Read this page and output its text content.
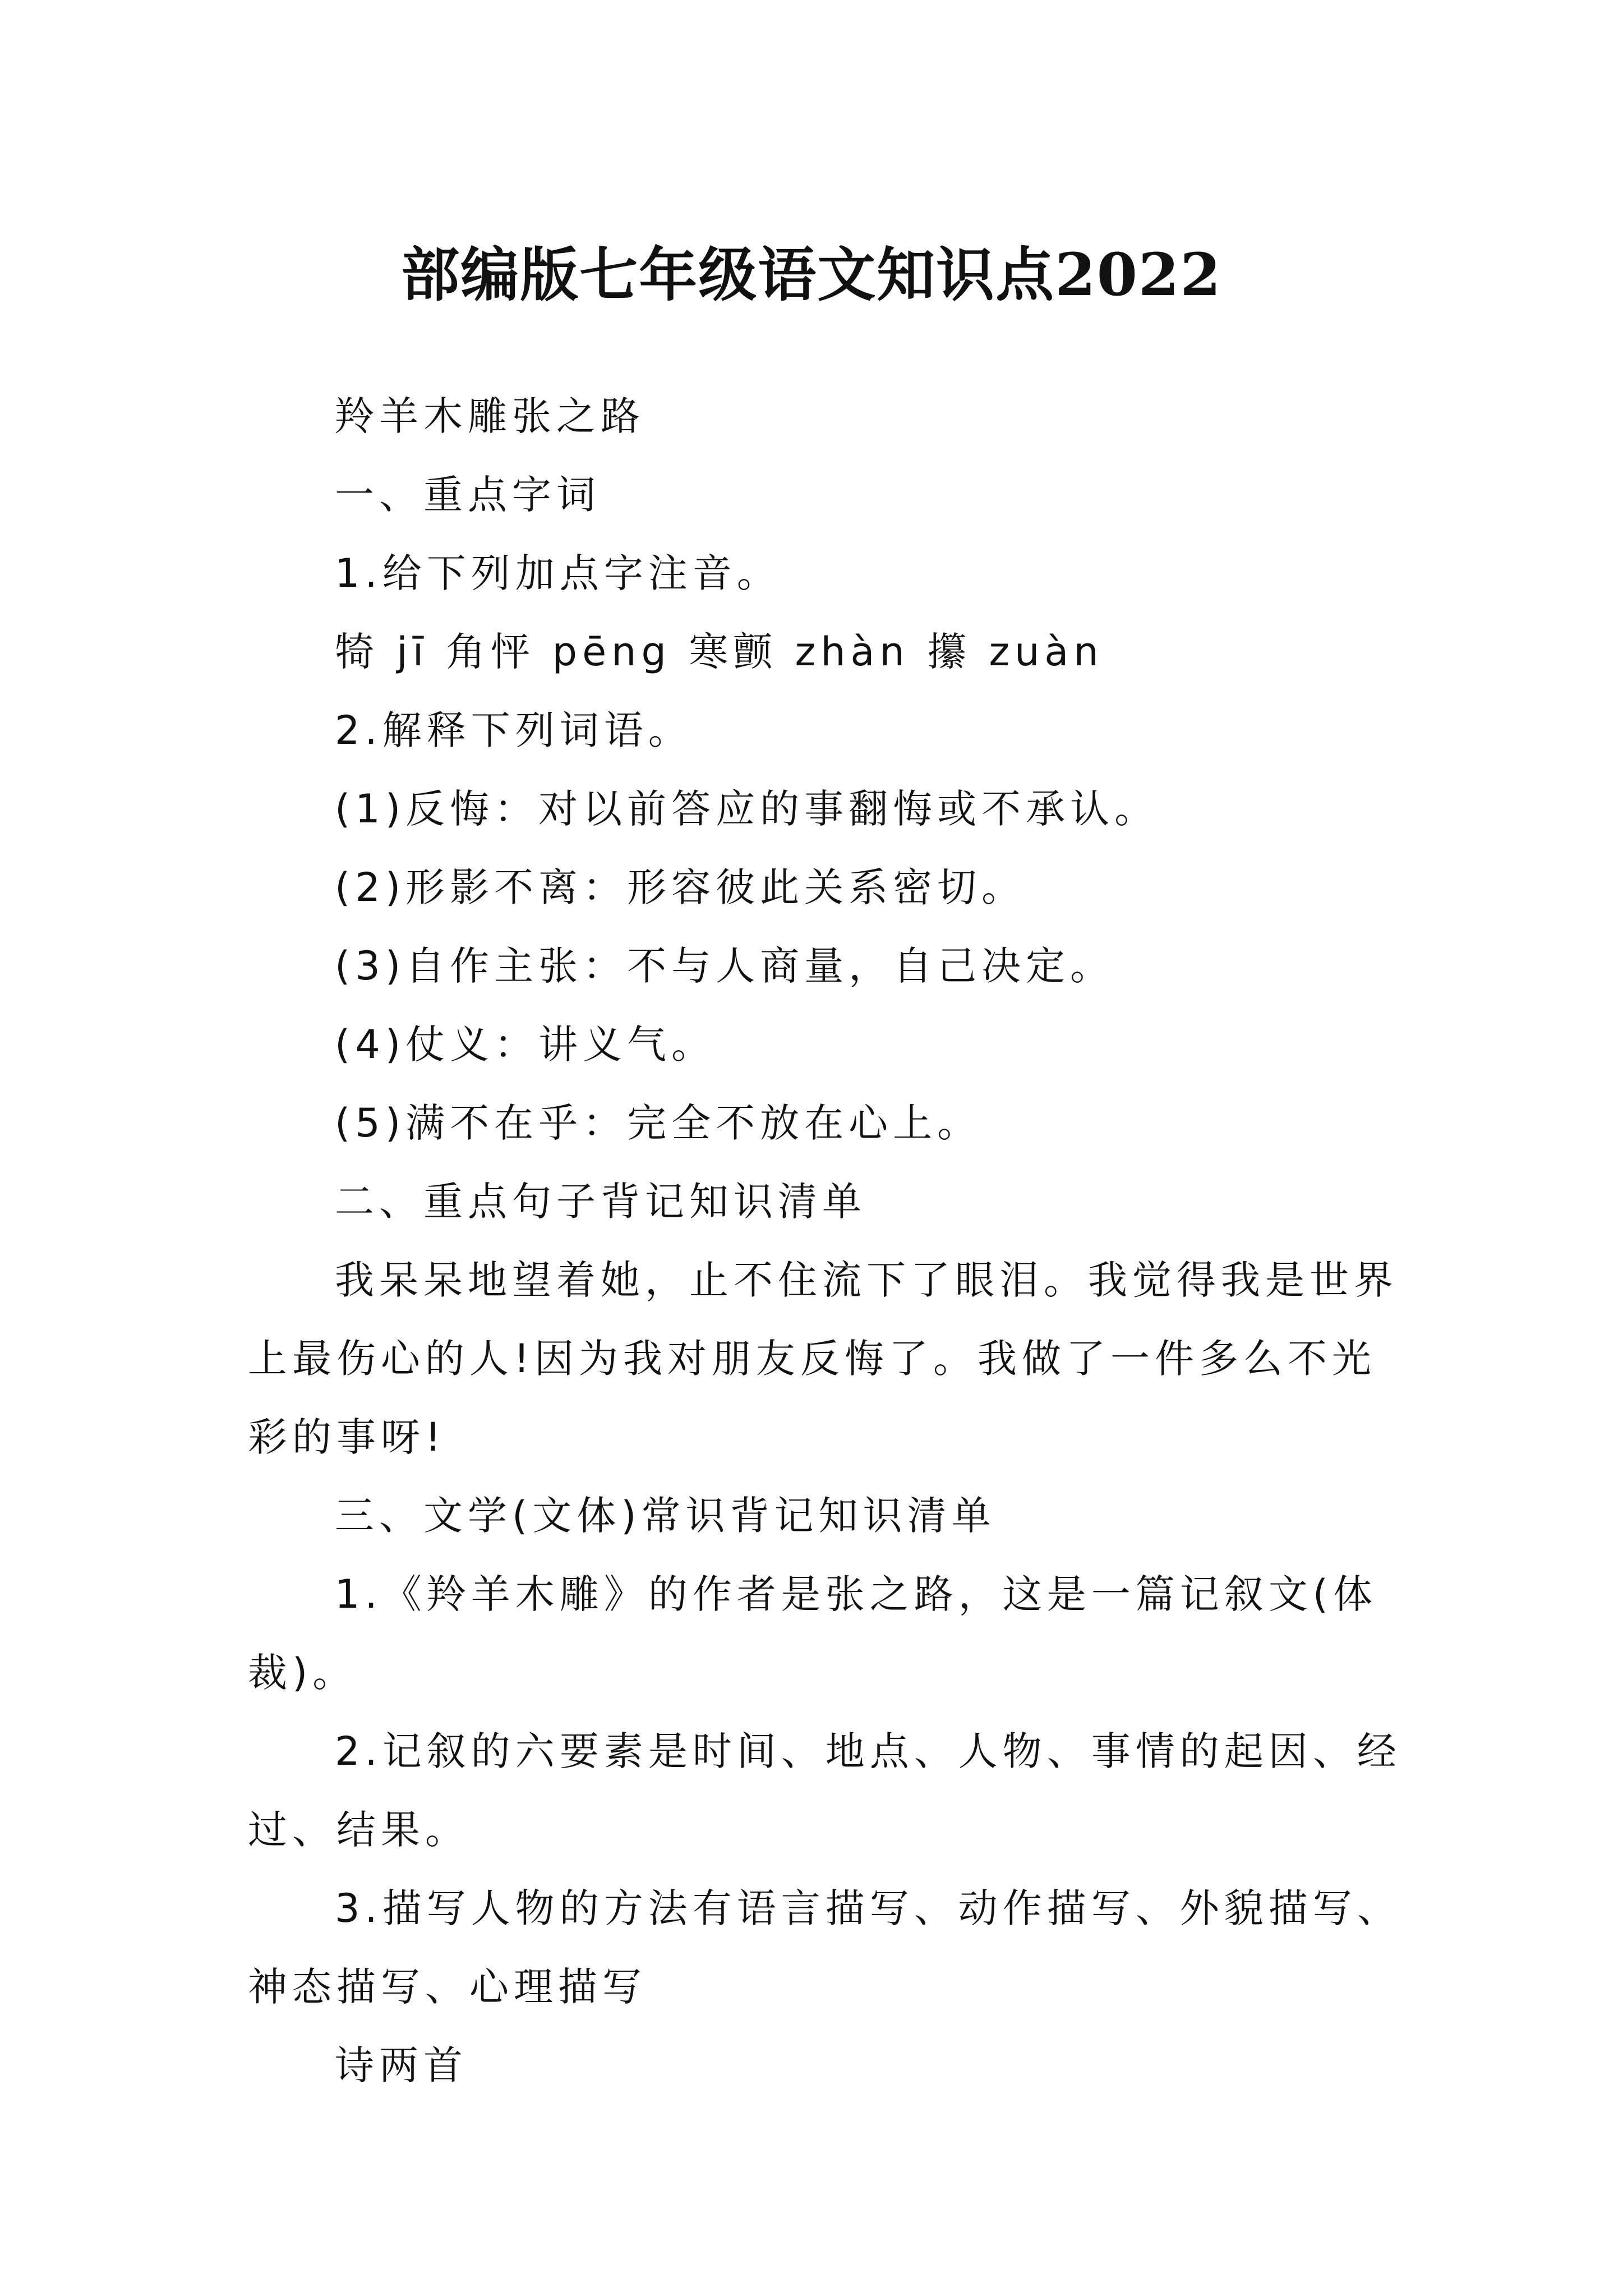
部编版七年级语文知识点2022

羚羊木雕张之路

一、重点字词

1.给下列加点字注音。

犄 jī 角怦 pēng 寒颤 zhàn 攥 zuàn

2.解释下列词语。

(1)反悔：对以前答应的事翻悔或不承认。

(2)形影不离：形容彼此关系密切。

(3)自作主张：不与人商量，自己决定。

(4)仗义：讲义气。

(5)满不在乎：完全不放在心上。

二、重点句子背记知识清单

我呆呆地望着她，止不住流下了眼泪。我觉得我是世界上最伤心的人!因为我对朋友反悔了。我做了一件多么不光彩的事呀!

三、文学(文体)常识背记知识清单

1.《羚羊木雕》的作者是张之路，这是一篇记叙文(体裁)。

2.记叙的六要素是时间、地点、人物、事情的起因、经过、结果。

3.描写人物的方法有语言描写、动作描写、外貌描写、神态描写、心理描写

诗两首
